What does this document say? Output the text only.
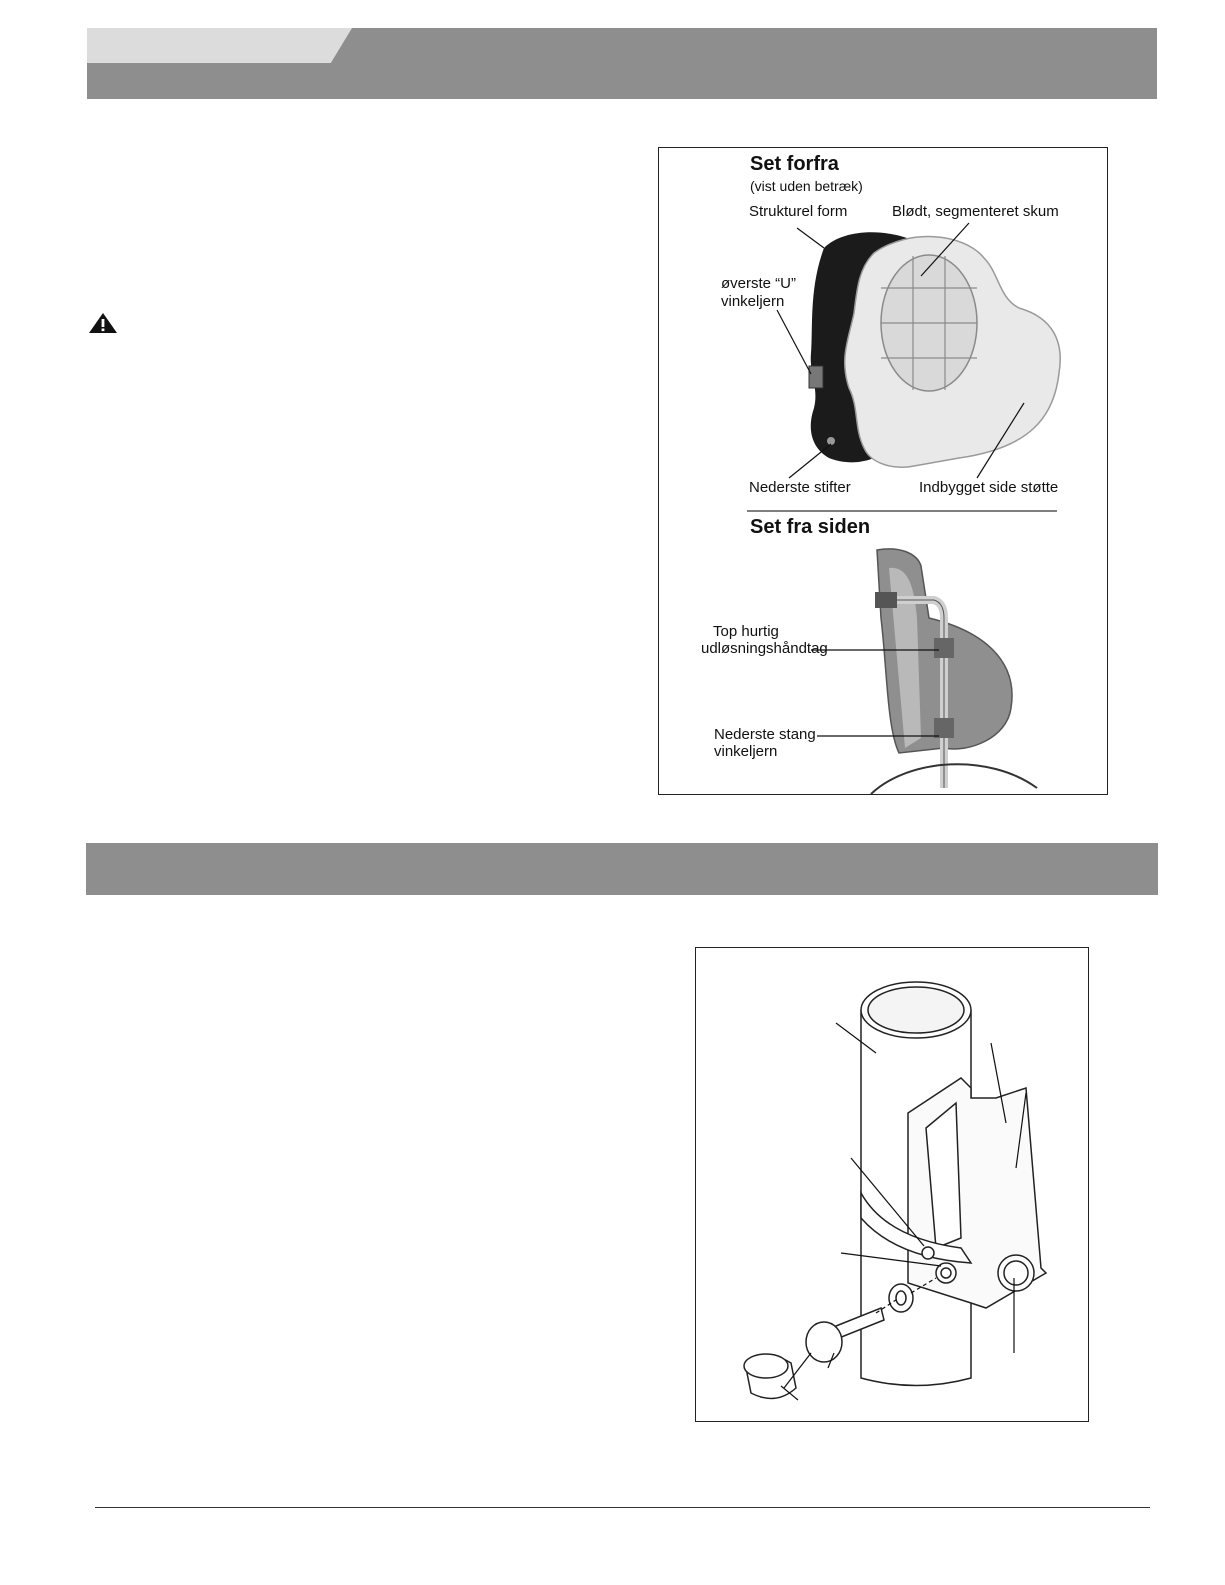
Set forfra
(vist uden betræk)
Strukturel form	Blødt, segmenteret skum
øverste “U”
vinkeljern
Nederste stifter	Indbygget side støtte
Set fra siden
Top hurtig
udløsningshåndtag
Nederste stang
vinkeljern
